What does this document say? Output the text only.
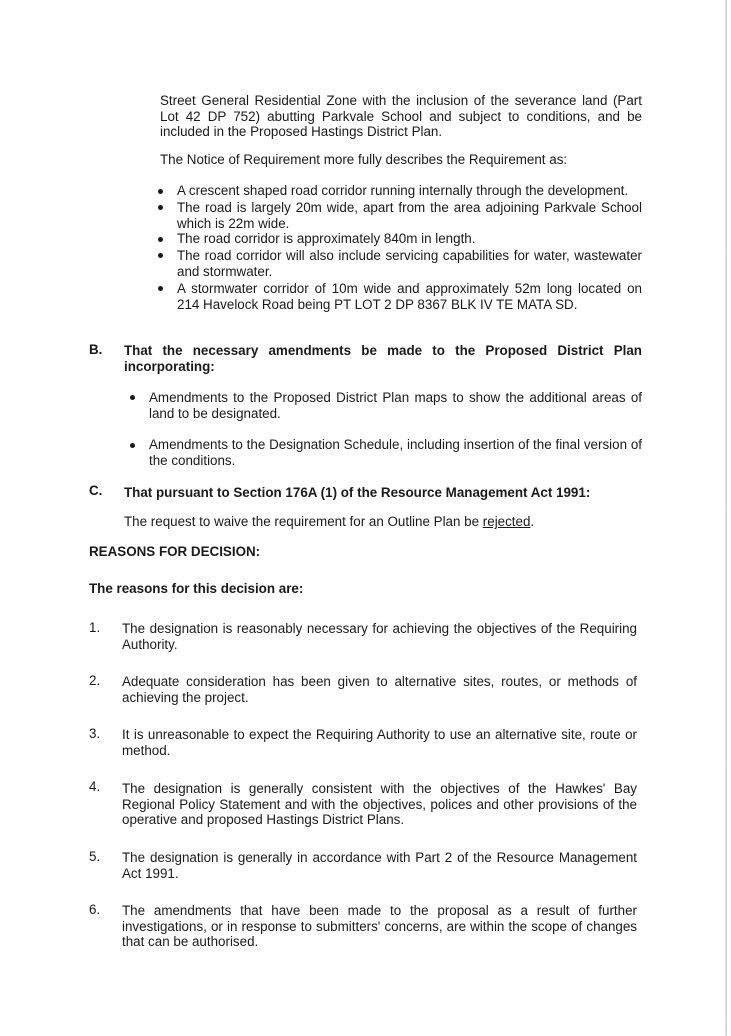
Street General Residential Zone with the inclusion of the severance land (Part Lot 42 DP 752) abutting Parkvale School and subject to conditions, and be included in the Proposed Hastings District Plan.

The Notice of Requirement more fully describes the Requirement as:

A crescent shaped road corridor running internally through the development.

The road is largely 20m wide, apart from the area adjoining Parkvale School which is 22m wide.

The road corridor is approximately 840m in length.

The road corridor will also include servicing capabilities for water, wastewater and stormwater.

A stormwater corridor of 10m wide and approximately 52m long located on 214 Havelock Road being PT LOT 2 DP 8367 BLK IV TE MATA SD.

B. That the necessary amendments be made to the Proposed District Plan incorporating:

Amendments to the Proposed District Plan maps to show the additional areas of land to be designated.

Amendments to the Designation Schedule, including insertion of the final version of the conditions.

C. That pursuant to Section 176A (1) of the Resource Management Act 1991:

The request to waive the requirement for an Outline Plan be rejected.

REASONS FOR DECISION:

The reasons for this decision are:

1. The designation is reasonably necessary for achieving the objectives of the Requiring Authority.

2. Adequate consideration has been given to alternative sites, routes, or methods of achieving the project.

3. It is unreasonable to expect the Requiring Authority to use an alternative site, route or method.

4. The designation is generally consistent with the objectives of the Hawkes' Bay Regional Policy Statement and with the objectives, polices and other provisions of the operative and proposed Hastings District Plans.

5. The designation is generally in accordance with Part 2 of the Resource Management Act 1991.

6. The amendments that have been made to the proposal as a result of further investigations, or in response to submitters' concerns, are within the scope of changes that can be authorised.
